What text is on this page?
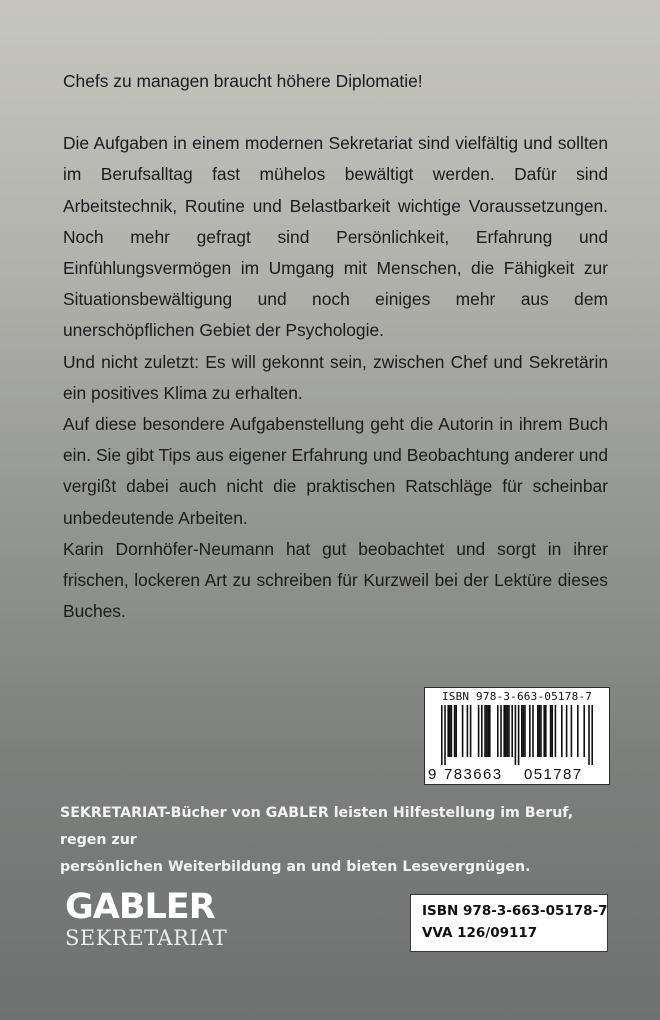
Chefs zu managen braucht höhere Diplomatie!

Die Aufgaben in einem modernen Sekretariat sind vielfältig und sollten im Berufsalltag fast mühelos bewältigt werden. Dafür sind Arbeitstechnik, Routine und Belastbarkeit wichtige Voraussetzungen. Noch mehr gefragt sind Persönlichkeit, Erfahrung und Einfühlungsvermögen im Umgang mit Menschen, die Fähigkeit zur Situationsbewältigung und noch einiges mehr aus dem unerschöpflichen Gebiet der Psychologie.

Und nicht zuletzt: Es will gekonnt sein, zwischen Chef und Sekretärin ein positives Klima zu erhalten.

Auf diese besondere Aufgabenstellung geht die Autorin in ihrem Buch ein. Sie gibt Tips aus eigener Erfahrung und Beobachtung anderer und vergißt dabei auch nicht die praktischen Ratschläge für scheinbar unbedeutende Arbeiten.

Karin Dornhöfer-Neumann hat gut beobachtet und sorgt in ihrer frischen, lockeren Art zu schreiben für Kurzweil bei der Lektüre dieses Buches.

ISBN 978-3-663-05178-7
9 783663 051787

SEKRETARIAT-Bücher von GABLER leisten Hilfestellung im Beruf, regen zur

persönlichen Weiterbildung an und bieten Lesevergnügen.

GABLER
SEKRETARIAT
ISBN 978-3-663-05178-7
VVA 126/09117
